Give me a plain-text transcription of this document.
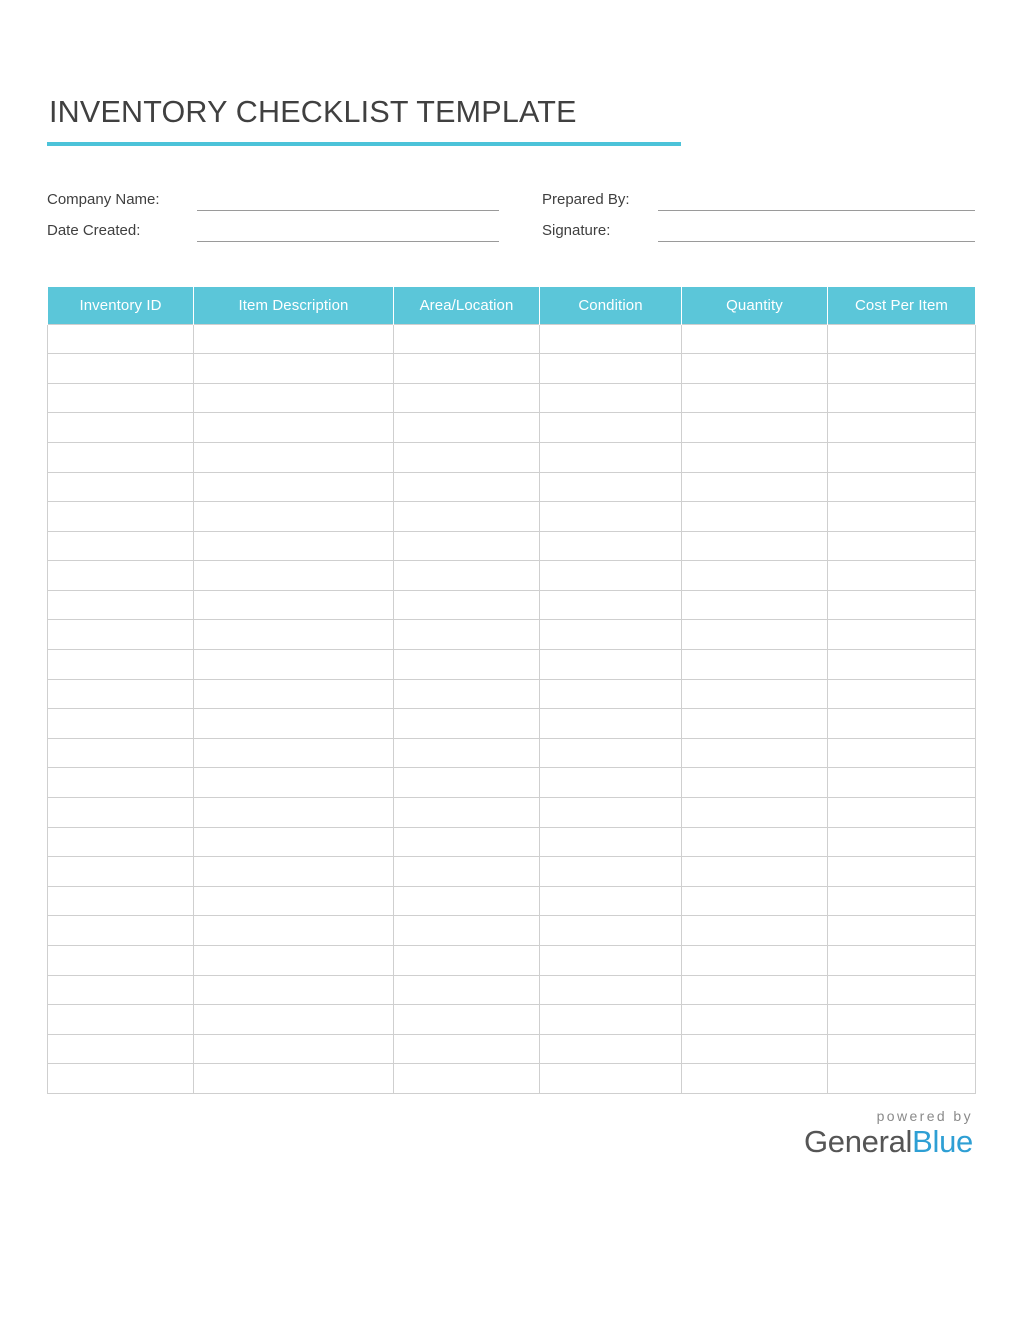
INVENTORY CHECKLIST TEMPLATE
Company Name:
Date Created:
Prepared By:
Signature:
Inventory ID	Item Description	Area/Location	Condition	Quantity	Cost Per Item

powered by
GeneralBlue
